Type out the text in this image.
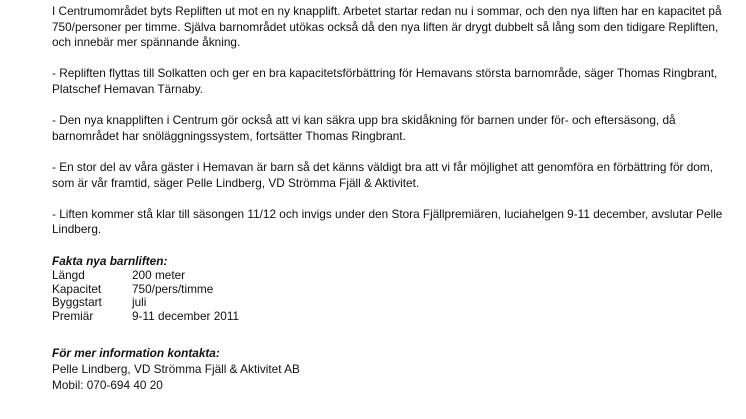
I Centrumområdet byts Repliften ut mot en ny knapplift. Arbetet startar redan nu i sommar, och den nya liften har en kapacitet på 750/personer per timme. Själva barnområdet utökas också då den nya liften är drygt dubbelt så lång som den tidigare Repliften, och innebär mer spännande åkning.

- Repliften flyttas till Solkatten och ger en bra kapacitetsförbättring för Hemavans största barnområde, säger Thomas Ringbrant, Platschef Hemavan Tärnaby.

- Den nya knappliften i Centrum gör också att vi kan säkra upp bra skidåkning för barnen under för- och eftersäsong, då barnområdet har snöläggningssystem, fortsätter Thomas Ringbrant.

- En stor del av våra gäster i Hemavan är barn så det känns väldigt bra att vi får möjlighet att genomföra en förbättring för dom, som är vår framtid, säger Pelle Lindberg, VD Strömma Fjäll & Aktivitet.

- Liften kommer stå klar till säsongen 11/12 och invigs under den Stora Fjällpremiären, luciahelgen 9-11 december, avslutar Pelle Lindberg.

Fakta nya barnliften:

Längd	200 meter
Kapacitet	750/pers/timme
Byggstart	juli
Premiär	9-11 december 2011

För mer information kontakta:

Pelle Lindberg, VD Strömma Fjäll & Aktivitet AB

Mobil: 070-694 40 20
